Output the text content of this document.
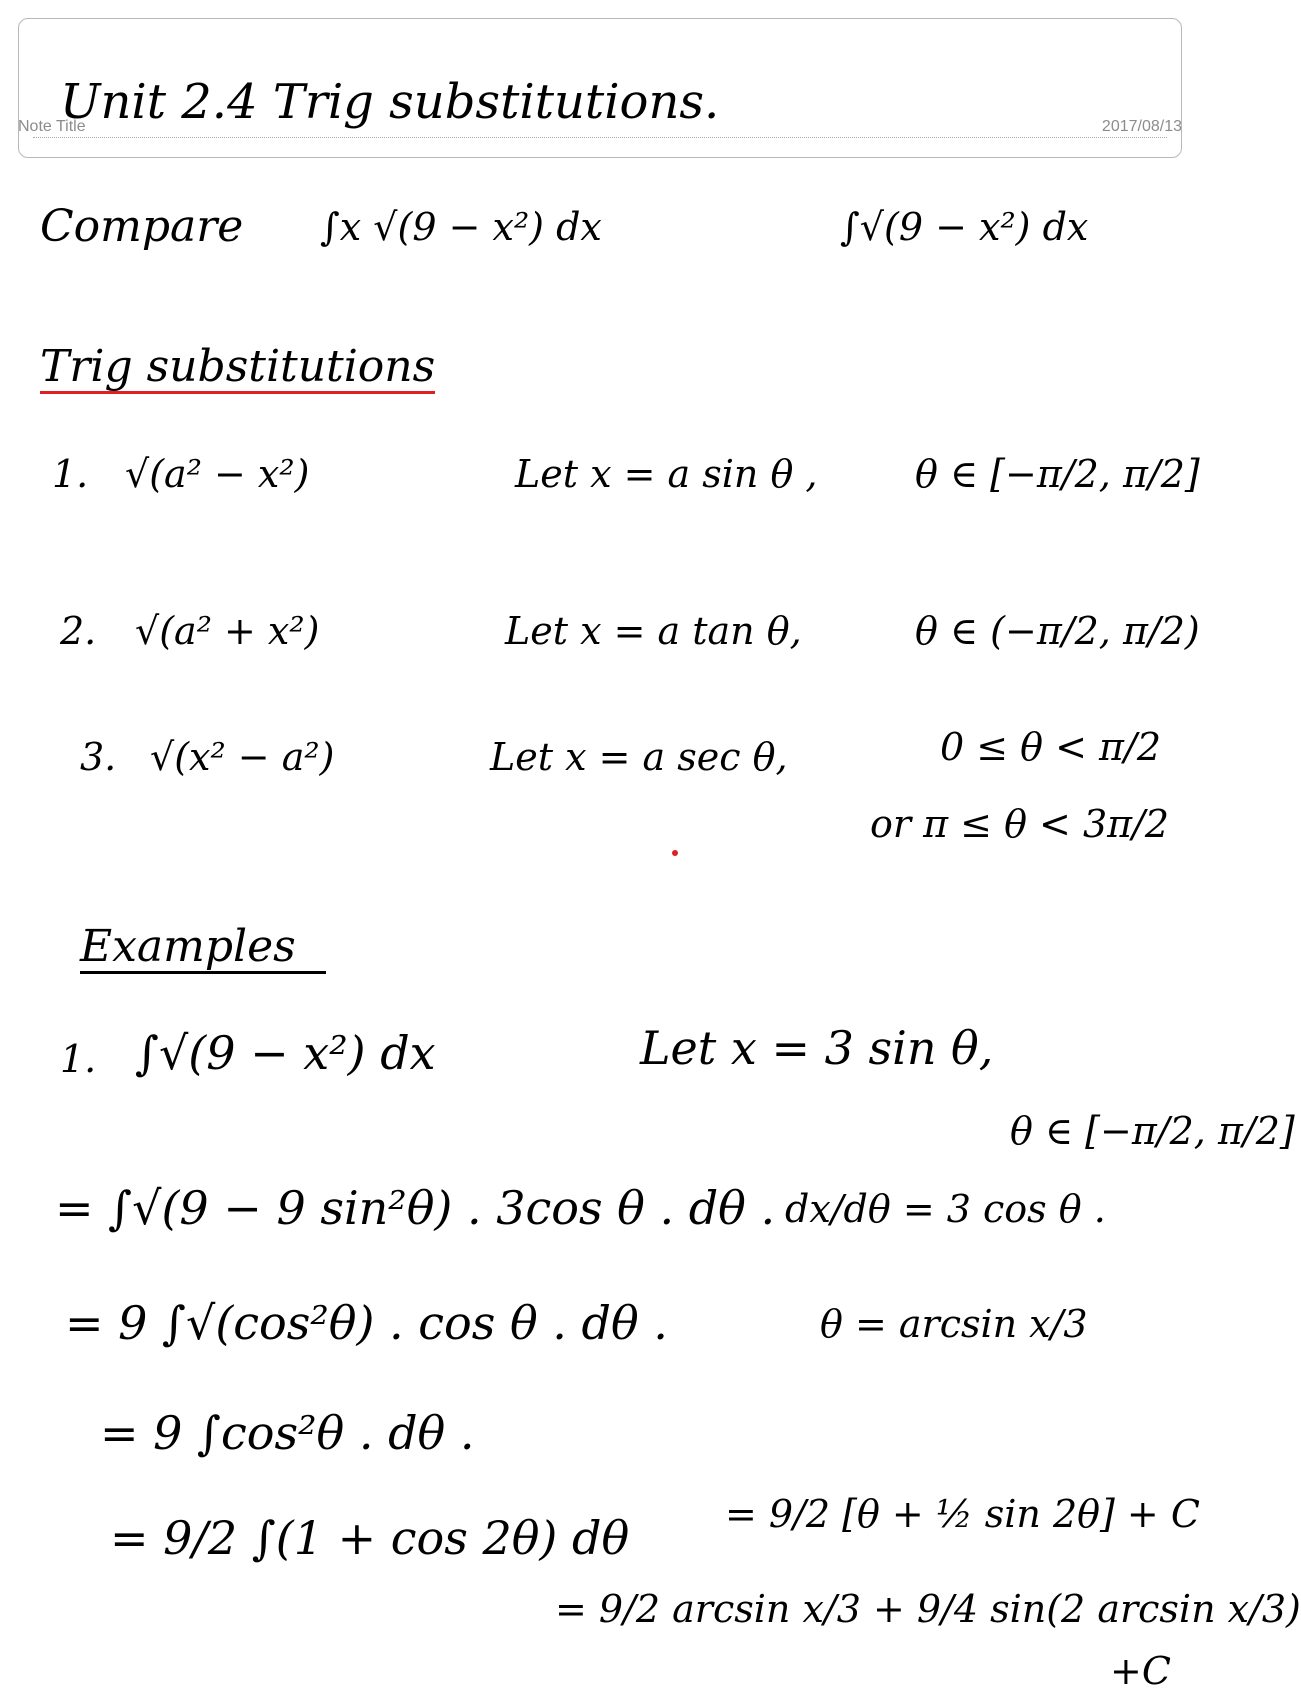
Unit 2.4 Trig substitutions.
Note Title	2017/08/13
Compare ∫x √(9 − x²) dx	∫√(9 − x²) dx
Trig substitutions
1. √(a² − x²)	Let x = a sin θ ,	θ ∈ [−π/2, π/2]
2. √(a² + x²)	Let x = a tan θ,	θ ∈ (−π/2, π/2)
3. √(x² − a²)	Let x = a sec θ,	0 ≤ θ < π/2
or π ≤ θ < 3π/2
Examples
1. ∫√(9 − x²) dx	Let x = 3 sin θ,
θ ∈ [−π/2, π/2]
= ∫√(9 − 9 sin²θ) . 3cos θ . dθ . dx/dθ = 3 cos θ .
= 9 ∫√(cos²θ) . cos θ . dθ .	θ = arcsin x/3
= 9 ∫cos²θ . dθ .
= 9/2 ∫(1 + cos 2θ) dθ	= 9/2 [θ + ½ sin 2θ] + C
= 9/2 arcsin x/3 + 9/4 sin(2 arcsin x/3)
+C
